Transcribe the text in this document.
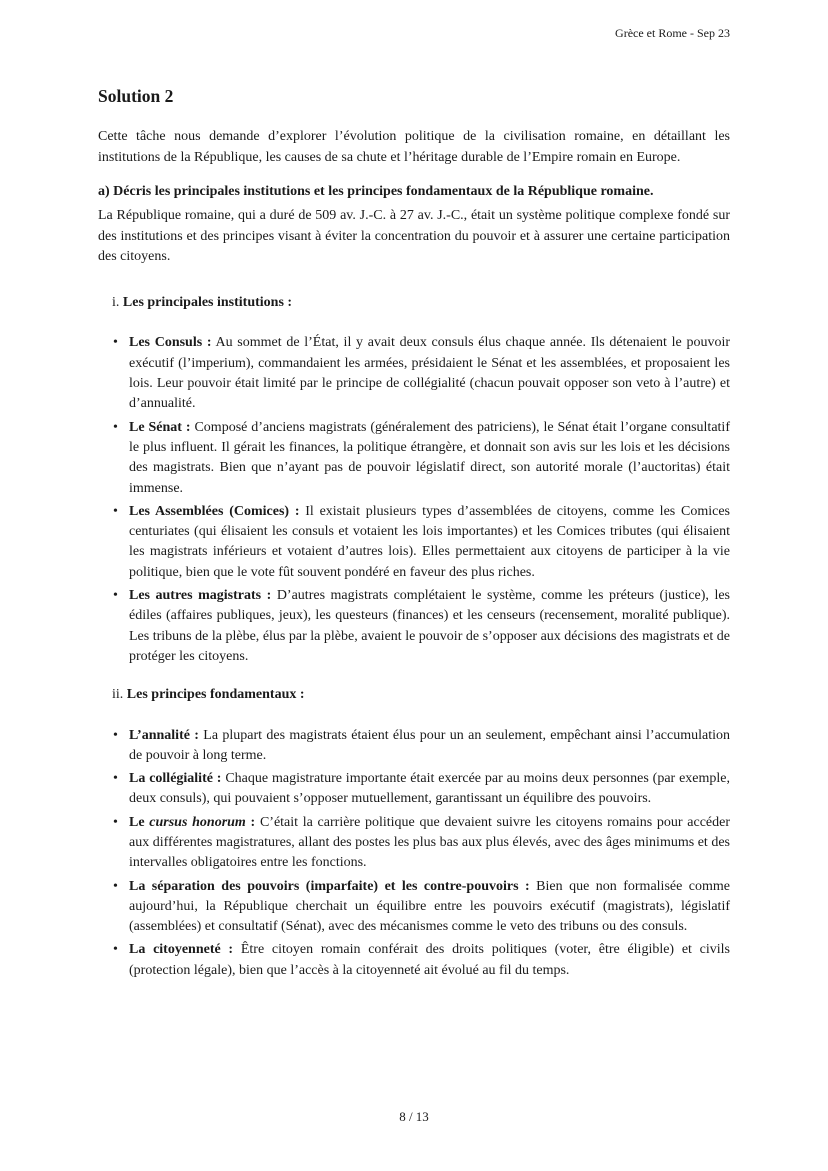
Grèce et Rome - Sep 23
Solution 2

Cette tâche nous demande d’explorer l’évolution politique de la civilisation romaine, en détaillant les institutions de la République, les causes de sa chute et l’héritage durable de l’Empire romain en Europe.

a) Décris les principales institutions et les principes fondamentaux de la République romaine.

La République romaine, qui a duré de 509 av. J.-C. à 27 av. J.-C., était un système politique complexe fondé sur des institutions et des principes visant à éviter la concentration du pouvoir et à assurer une certaine participation des citoyens.

i. Les principales institutions :
• Les Consuls : Au sommet de l’État, il y avait deux consuls élus chaque année. Ils détenaient le pouvoir exécutif (l’imperium), commandaient les armées, présidaient le Sénat et les assemblées, et proposaient les lois. Leur pouvoir était limité par le principe de collégialité (chacun pouvait opposer son veto à l’autre) et d’annualité.
• Le Sénat : Composé d’anciens magistrats (généralement des patriciens), le Sénat était l’organe consultatif le plus influent. Il gérait les finances, la politique étrangère, et donnait son avis sur les lois et les décisions des magistrats. Bien que n’ayant pas de pouvoir législatif direct, son autorité morale (l’auctoritas) était immense.
• Les Assemblées (Comices) : Il existait plusieurs types d’assemblées de citoyens, comme les Comices centuriates (qui élisaient les consuls et votaient les lois importantes) et les Comices tributes (qui élisaient les magistrats inférieurs et votaient d’autres lois). Elles permettaient aux citoyens de participer à la vie politique, bien que le vote fût souvent pondéré en faveur des plus riches.
• Les autres magistrats : D’autres magistrats complétaient le système, comme les préteurs (justice), les édiles (affaires publiques, jeux), les questeurs (finances) et les censeurs (recensement, moralité publique). Les tribuns de la plèbe, élus par la plèbe, avaient le pouvoir de s’opposer aux décisions des magistrats et de protéger les citoyens.
ii. Les principes fondamentaux :
• L’annalité : La plupart des magistrats étaient élus pour un an seulement, empêchant ainsi l’accumulation de pouvoir à long terme.
• La collégialité : Chaque magistrature importante était exercée par au moins deux personnes (par exemple, deux consuls), qui pouvaient s’opposer mutuellement, garantissant un équilibre des pouvoirs.
• Le cursus honorum : C’était la carrière politique que devaient suivre les citoyens romains pour accéder aux différentes magistratures, allant des postes les plus bas aux plus élevés, avec des âges minimums et des intervalles obligatoires entre les fonctions.
• La séparation des pouvoirs (imparfaite) et les contre-pouvoirs : Bien que non formalisée comme aujourd’hui, la République cherchait un équilibre entre les pouvoirs exécutif (magistrats), législatif (assemblées) et consultatif (Sénat), avec des mécanismes comme le veto des tribuns ou des consuls.
• La citoyenneté : Être citoyen romain conférait des droits politiques (voter, être éligible) et civils (protection légale), bien que l’accès à la citoyenneté ait évolué au fil du temps.
8 / 13
